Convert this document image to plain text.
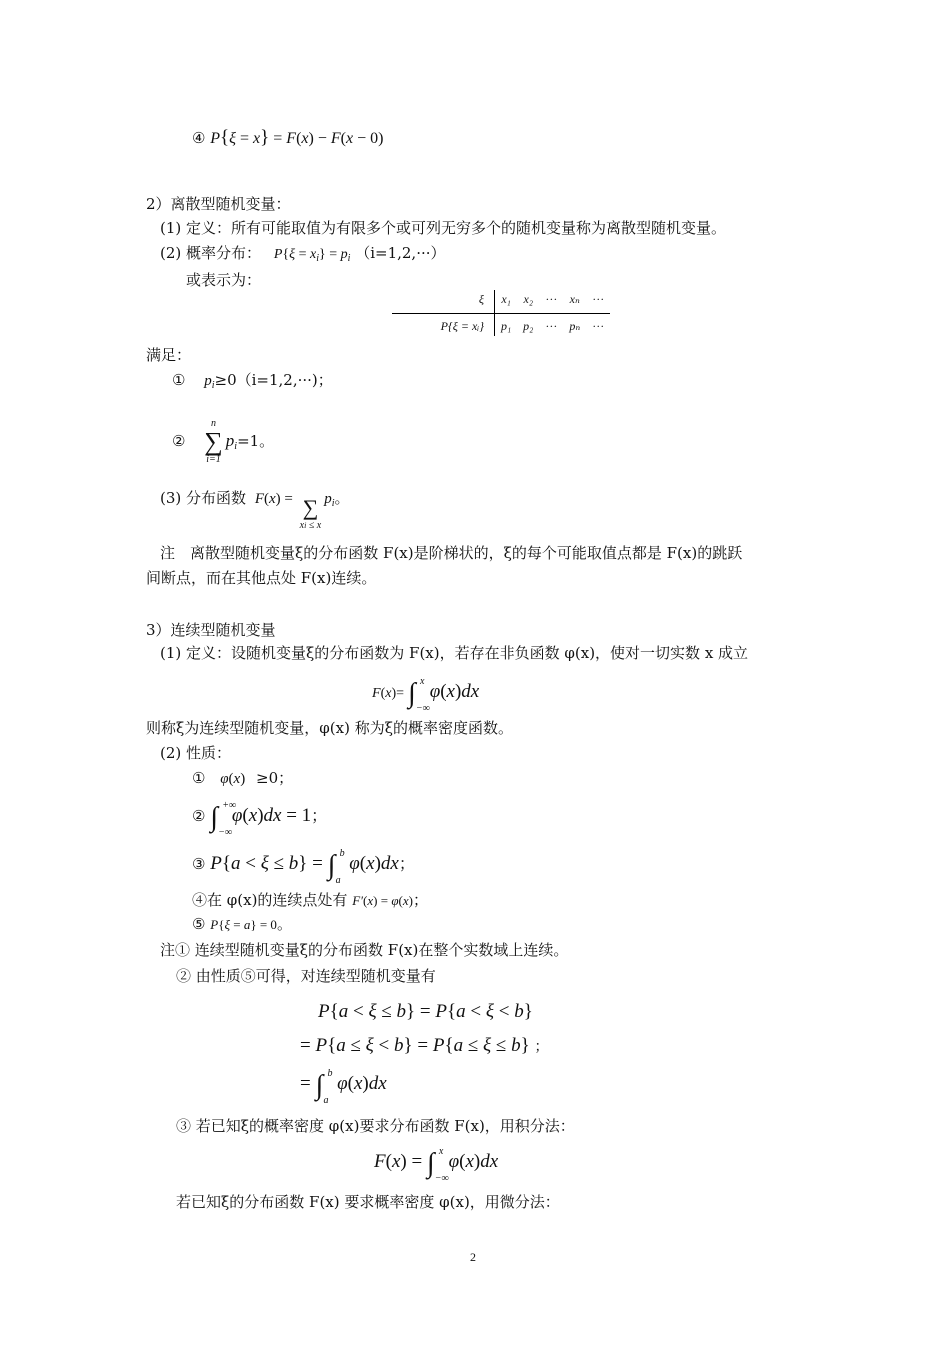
④ P{ξ = x} = F(x) − F(x − 0)
2）离散型随机变量：
(1) 定义：所有可能取值为有限多个或可列无穷多个的随机变量称为离散型随机变量。
(2) 概率分布： $P\{\xi = x_i\} = p_i$ （i=1,2,···）
或表示为：
ξ	x₁	x₂	···	xₙ	···
P{ξ = xᵢ}	p₁	p₂	···	pₙ	···
满足：
① $p_i\ge 0(i=1,2,\cdot\cdot\cdot)$；
②
n
∑
i=1
$p_i=1$。
(3) 分布函数 F(x) = ∑
xi ≤ x
$p_i$。
注　离散型随机变量ξ的分布函数 F(x)是阶梯状的，ξ的每个可能取值点都是 F(x)的跳跃
间断点，而在其他点处 F(x)连续。
3）连续型随机变量
(1) 定义：设随机变量ξ的分布函数为 F(x)，若存在非负函数 φ(x)，使对一切实数 x 成立
F(x)= ∫ x
−∞
φ(x)dx
则称ξ为连续型随机变量，φ(x) 称为ξ的概率密度函数。
(2) 性质：
① φ(x) ≥0；
② ∫ +∞
−∞
φ(x)dx = 1；
③ P{a < ξ ≤ b} = ∫ b
a
φ(x)dx；
④在 φ(x)的连续点处有 F′(x) = φ(x)；
⑤ P{ξ = a} = 0。
注① 连续型随机变量ξ的分布函数 F(x)在整个实数域上连续。
② 由性质⑤可得，对连续型随机变量有
P{a < ξ ≤ b} = P{a < ξ < b}
= P{a ≤ ξ < b} = P{a ≤ ξ ≤ b} ；
= ∫ b
a
φ(x)dx
③ 若已知ξ的概率密度 φ(x)要求分布函数 F(x)，用积分法：
F(x) = ∫ x
−∞
φ(x)dx
若已知ξ的分布函数 F(x) 要求概率密度 φ(x)，用微分法：
2
